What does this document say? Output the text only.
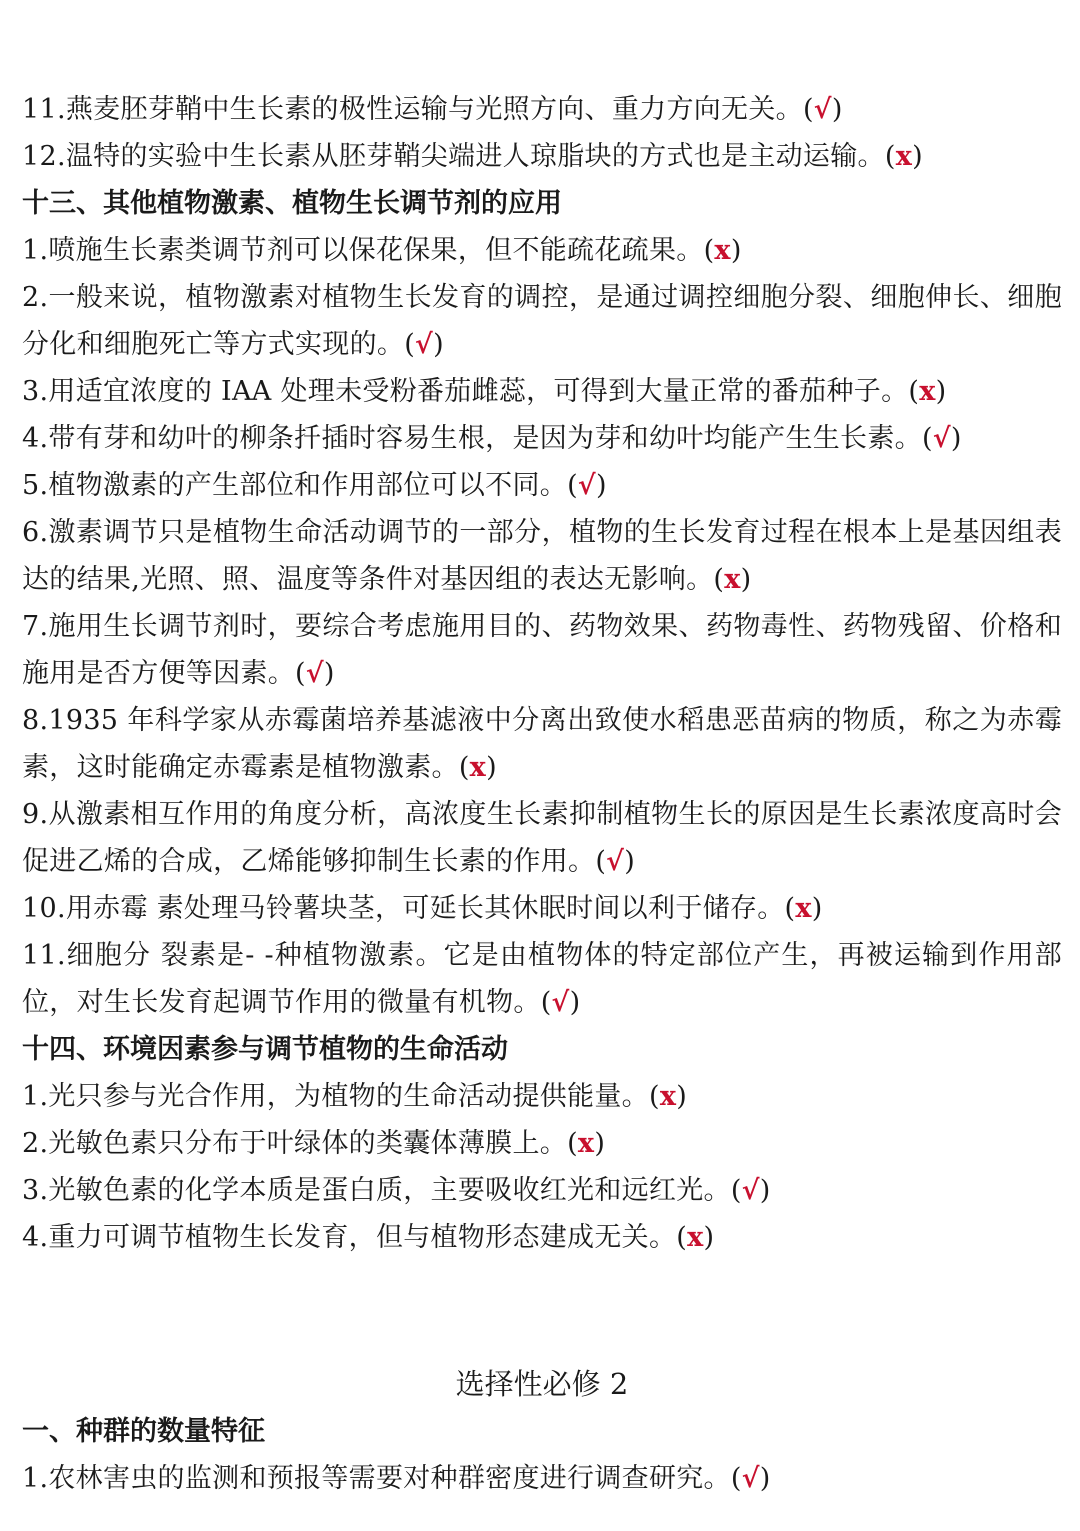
11.燕麦胚芽鞘中生长素的极性运输与光照方向、重力方向无关。(√)
12.温特的实验中生长素从胚芽鞘尖端进人琼脂块的方式也是主动运输。(x)
十三、其他植物激素、植物生长调节剂的应用
1.喷施生长素类调节剂可以保花保果，但不能疏花疏果。(x)
2.一般来说，植物激素对植物生长发育的调控，是通过调控细胞分裂、细胞伸长、细胞分化和细胞死亡等方式实现的。(√)
3.用适宜浓度的 IAA 处理未受粉番茄雌蕊，可得到大量正常的番茄种子。(x)
4.带有芽和幼叶的柳条扦插时容易生根，是因为芽和幼叶均能产生生长素。(√)
5.植物激素的产生部位和作用部位可以不同。(√)
6.激素调节只是植物生命活动调节的一部分，植物的生长发育过程在根本上是基因组表达的结果,光照、照、温度等条件对基因组的表达无影响。(x)
7.施用生长调节剂时，要综合考虑施用目的、药物效果、药物毒性、药物残留、价格和施用是否方便等因素。(√)
8.1935 年科学家从赤霉菌培养基滤液中分离出致使水稻患恶苗病的物质，称之为赤霉素，这时能确定赤霉素是植物激素。(x)
9.从激素相互作用的角度分析，高浓度生长素抑制植物生长的原因是生长素浓度高时会促进乙烯的合成，乙烯能够抑制生长素的作用。(√)
10.用赤霉 素处理马铃薯块茎，可延长其休眠时间以利于储存。(x)
11.细胞分 裂素是- -种植物激素。它是由植物体的特定部位产生，再被运输到作用部位，对生长发育起调节作用的微量有机物。(√)
十四、环境因素参与调节植物的生命活动
1.光只参与光合作用，为植物的生命活动提供能量。(x)
2.光敏色素只分布于叶绿体的类囊体薄膜上。(x)
3.光敏色素的化学本质是蛋白质，主要吸收红光和远红光。(√)
4.重力可调节植物生长发育，但与植物形态建成无关。(x)
选择性必修 2
一、种群的数量特征
1.农林害虫的监测和预报等需要对种群密度进行调查研究。(√)
